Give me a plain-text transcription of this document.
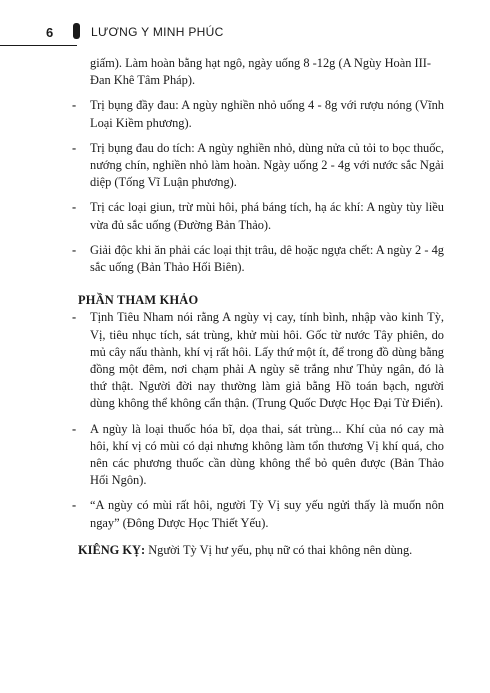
6	LƯƠNG Y MINH PHÚC
giấm). Làm hoàn bằng hạt ngô, ngày uống 8 -12g (A Ngùy Hoàn III- Đan Khê Tâm Pháp).
- Trị bụng đầy đau: A ngùy nghiền nhỏ uống 4 - 8g với rượu nóng (Vĩnh Loại Kiềm phương).
- Trị bụng đau do tích: A ngùy nghiền nhỏ, dùng nửa củ tỏi to bọc thuốc, nướng chín, nghiền nhỏ làm hoàn. Ngày uống 2 - 4g với nước sắc Ngải diệp (Tống Vĩ Luận phương).
- Trị các loại giun, trừ mùi hôi, phá báng tích, hạ ác khí: A ngùy tùy liều vừa đủ sắc uống (Đường Bản Thảo).
- Giải độc khi ăn phải các loại thịt trâu, dê hoặc ngựa chết: A ngùy 2 - 4g sắc uống (Bản Thảo Hối Biên).
PHẦN THAM KHẢO
- Tịnh Tiêu Nham nói rằng A ngùy vị cay, tính bình, nhập vào kinh Tỳ, Vị, tiêu nhục tích, sát trùng, khử mùi hôi. Gốc từ nước Tây phiên, do mủ cây nấu thành, khí vị rất hôi. Lấy thứ một ít, để trong đồ dùng bằng đồng một đêm, nơi chạm phải A ngùy sẽ trắng như Thủy ngân, đó là thứ thật. Người đời nay thường làm giả bằng Hồ toán bạch, người dùng không thể không cẩn thận. (Trung Quốc Dược Học Đại Từ Điển).
- A ngùy là loại thuốc hóa bĩ, dọa thai, sát trùng... Khí của nó cay mà hôi, khí vị có mùi có dại nhưng không làm tổn thương Vị khí quá, cho nên các phương thuốc cần dùng không thể bỏ quên được (Bản Thảo Hối Ngôn).
- “A ngùy có mùi rất hôi, người Tỳ Vị suy yếu ngửi thấy là muốn nôn ngay” (Đông Dược Học Thiết Yếu).
KIÊNG KỴ: Người Tỳ Vị hư yếu, phụ nữ có thai không nên dùng.
